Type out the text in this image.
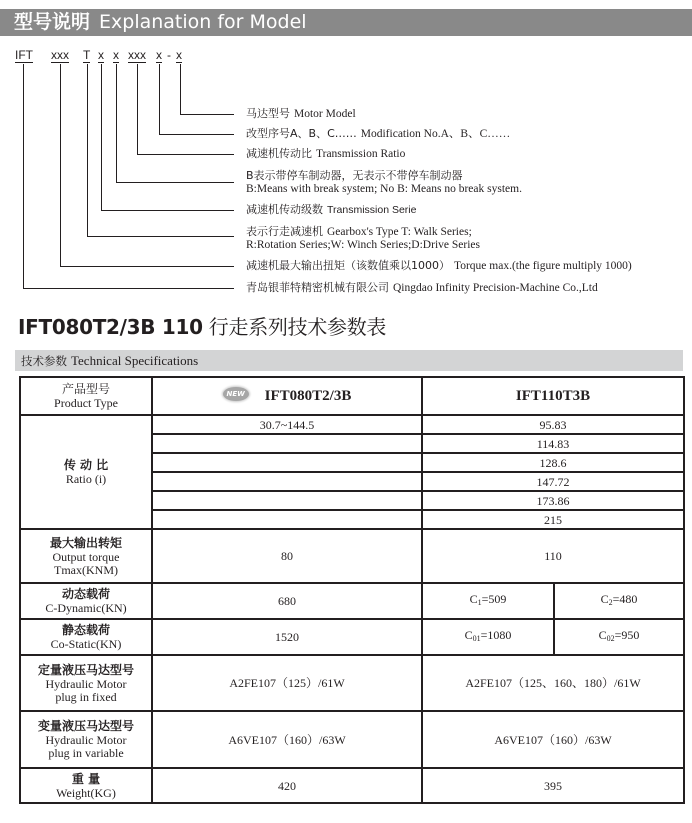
型号说明 Explanation for Model
IFT xxx T x x xxx x - x
马达型号 Motor Model
改型序号A、B、C…… Modification No.A、B、C……
减速机传动比 Transmission Ratio
B表示带停车制动器，无表示不带停车制动器
B:Means with break system; No B: Means no break system.
减速机传动级数 Transmission Serie
表示行走减速机 Gearbox's Type T: Walk Series;
R:Rotation Series;W: Winch Series;D:Drive Series
减速机最大输出扭矩（该数值乘以1000） Torque max.(the figure multiply 1000)
青岛银菲特精密机械有限公司 Qingdao Infinity Precision-Machine Co.,Ltd
IFT080T2/3B 110 行走系列技术参数表
技术参数 Technical Specifications
产品型号
Product Type	NEW IFT080T2/3B	IFT110T3B	

传 动 比
Ratio (i)	30.7~144.5	95.83	
		114.83	
		128.6	
		147.72	
		173.86	
		215	

最大输出转矩
Output torque
Tmax(KNM)	80	110	

动态载荷
C-Dynamic(KN)	680	$C_1=509$	$C_2=480$

静态载荷
Co-Static(KN)	1520	$C_{01}=1080$	$C_{02}=950$

定量液压马达型号
Hydraulic Motor
plug in fixed	A2FE107（125）/61W	A2FE107（125、160、180）/61W	

变量液压马达型号
Hydraulic Motor
plug in variable	A6VE107（160）/63W	A6VE107（160）/63W	

重 量
Weight(KG)	420	395	
